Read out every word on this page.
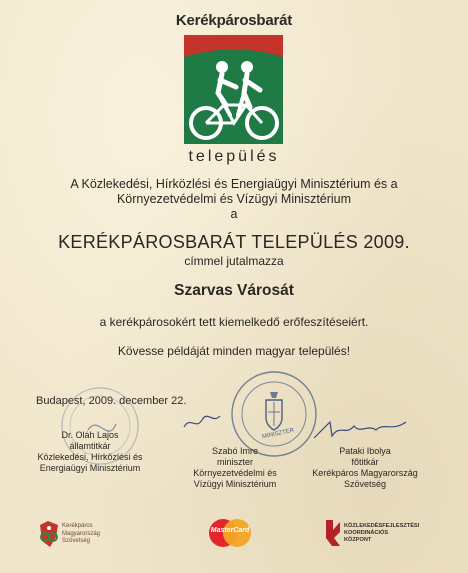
Kerékpárosbarát
település
A Közlekedési, Hírközlési és Energiaügyi Minisztérium és a
Környezetvédelmi és Vízügyi Minisztérium
a
KERÉKPÁROSBARÁT TELEPÜLÉS 2009.
címmel jutalmazza
Szarvas Városát
a kerékpárosokért tett kiemelkedő erőfeszítéseiért.
Kövesse példáját minden magyar település!
Budapest, 2009. december 22.
MINISZTER
Dr. Oláh Lajos
államtitkár
Közlekedési, Hírközlési és
Energiaügyi Minisztérium
Szabó Imre
miniszter
Környezetvédelmi és
Vízügyi Minisztérium
Pataki Ibolya
főtitkár
Kerékpáros Magyarország
Szövetség
Kerékpáros
Magyarország
Szövetség
MasterCard
KÖZLEKEDÉSFEJLESZTÉSI
KOORDINÁCIÓS
KÖZPONT
